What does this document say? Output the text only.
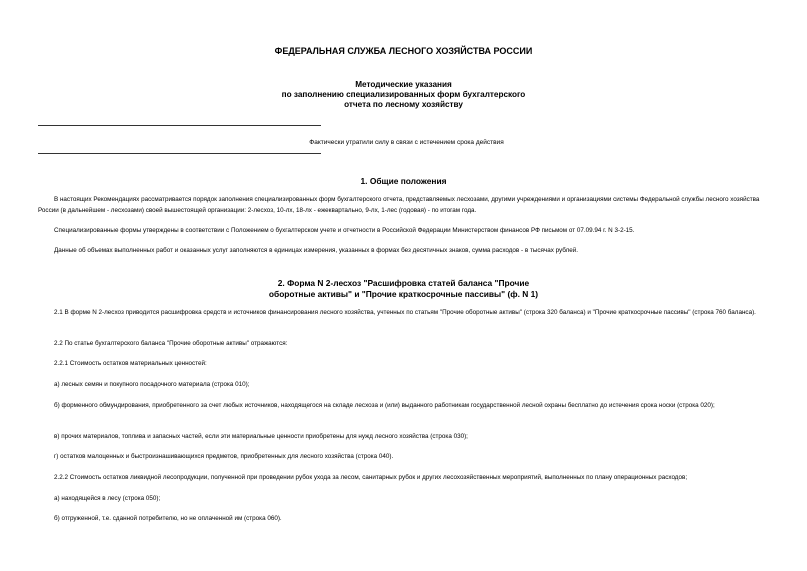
ФЕДЕРАЛЬНАЯ СЛУЖБА ЛЕСНОГО ХОЗЯЙСТВА РОССИИ
Методические указания
по заполнению специализированных форм бухгалтерского
отчета по лесному хозяйству
Фактически утратили силу в связи с истечением срока действия
1. Общие положения
В настоящих Рекомендациях рассматривается порядок заполнения специализированных форм бухгалтерского отчета, представляемых лесхозами, другими учреждениями и организациями системы Федеральной службы лесного хозяйства России (в дальнейшем - лесхозами) своей вышестоящей организации: 2-лесхоз, 10-лх, 18-лх - ежеквартально, 9-лх, 1-лес (годовая) - по итогам года.
Специализированные формы утверждены в соответствии с Положением о бухгалтерском учете и отчетности в Российской Федерации Министерством финансов РФ письмом от 07.09.94 г. N 3-2-15.
Данные об объемах выполненных работ и оказанных услуг заполняются в единицах измерения, указанных в формах без десятичных знаков, сумма расходов - в тысячах рублей.
2. Форма N 2-лесхоз "Расшифровка статей баланса "Прочие
оборотные активы" и "Прочие краткосрочные пассивы" (ф. N 1)
2.1 В форме N 2-лесхоз приводится расшифровка средств и источников финансирования лесного хозяйства, учтенных по статьям "Прочие оборотные активы" (строка 320 баланса) и "Прочие краткосрочные пассивы" (строка 760 баланса).
2.2 По статье бухгалтерского баланса "Прочие оборотные активы" отражаются:
2.2.1 Стоимость остатков материальных ценностей:
а) лесных семян и покупного посадочного материала (строка 010);
б) форменного обмундирования, приобретенного за счет любых источников, находящегося на складе лесхоза и (или) выданного работникам государственной лесной охраны бесплатно до истечения срока носки (строка 020);
в) прочих материалов, топлива и запасных частей, если эти материальные ценности приобретены для нужд лесного хозяйства (строка 030);
г) остатков малоценных и быстроизнашивающихся предметов, приобретенных для лесного хозяйства (строка 040).
2.2.2 Стоимость остатков ликвидной лесопродукции, полученной при проведении рубок ухода за лесом, санитарных рубок и других лесохозяйственных мероприятий, выполненных по плану операционных расходов;
а) находящейся в лесу (строка 050);
б) отгруженной, т.е. сданной потребителю, но не оплаченной им (строка 060).
